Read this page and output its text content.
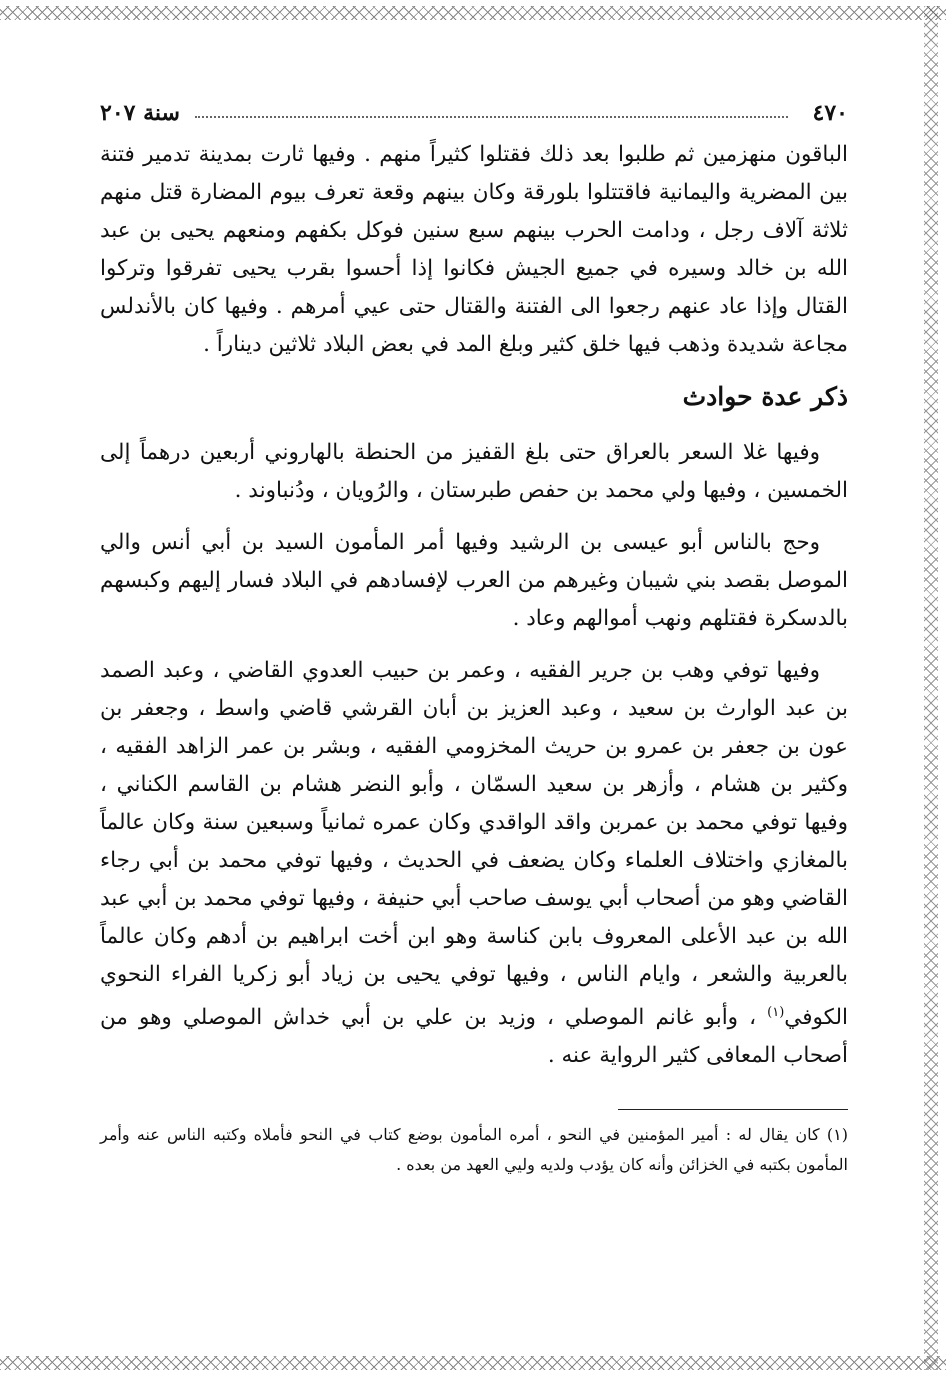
٤٧٠
سنة ٢٠٧

الباقون منهزمين ثم طلبوا بعد ذلك فقتلوا كثيراً منهم . وفيها ثارت بمدينة تدمير فتنة بين المضرية واليمانية فاقتتلوا بلورقة وكان بينهم وقعة تعرف بيوم المضارة قتل منهم ثلاثة آلاف رجل ، ودامت الحرب بينهم سبع سنين فوكل بكفهم ومنعهم يحيى بن عبد الله بن خالد وسيره في جميع الجيش فكانوا إذا أحسوا بقرب يحيى تفرقوا وتركوا القتال وإذا عاد عنهم رجعوا الى الفتنة والقتال حتى عيي أمرهم . وفيها كان بالأندلس مجاعة شديدة وذهب فيها خلق كثير وبلغ المد في بعض البلاد ثلاثين ديناراً .

ذكر عدة حوادث

وفيها غلا السعر بالعراق حتى بلغ القفيز من الحنطة بالهاروني أربعين درهماً إلى الخمسين ، وفيها ولي محمد بن حفص طبرستان ، والرُويان ، ودُنباوند .

وحج بالناس أبو عيسى بن الرشيد وفيها أمر المأمون السيد بن أبي أنس والي الموصل بقصد بني شيبان وغيرهم من العرب لإفسادهم في البلاد فسار إليهم وكبسهم بالدسكرة فقتلهم ونهب أموالهم وعاد .

وفيها توفي وهب بن جرير الفقيه ، وعمر بن حبيب العدوي القاضي ، وعبد الصمد بن عبد الوارث بن سعيد ، وعبد العزيز بن أبان القرشي قاضي واسط ، وجعفر بن عون بن جعفر بن عمرو بن حريث المخزومي الفقيه ، وبشر بن عمر الزاهد الفقيه ، وكثير بن هشام ، وأزهر بن سعيد السمّان ، وأبو النضر هشام بن القاسم الكناني ، وفيها توفي محمد بن عمربن واقد الواقدي وكان عمره ثمانياً وسبعين سنة وكان عالماً بالمغازي واختلاف العلماء وكان يضعف في الحديث ، وفيها توفي محمد بن أبي رجاء القاضي وهو من أصحاب أبي يوسف صاحب أبي حنيفة ، وفيها توفي محمد بن أبي عبد الله بن عبد الأعلى المعروف بابن كناسة وهو ابن أخت ابراهيم بن أدهم وكان عالماً بالعربية والشعر ، وايام الناس ، وفيها توفي يحيى بن زياد أبو زكريا الفراء النحوي الكوفي$^{(١)}$ ، وأبو غانم الموصلي ، وزيد بن علي بن أبي خداش الموصلي وهو من أصحاب المعافى كثير الرواية عنه .

(١) كان يقال له : أمير المؤمنين في النحو ، أمره المأمون بوضع كتاب في النحو فأملاه وكتبه الناس عنه وأمر المأمون بكتبه في الخزائن وأنه كان يؤدب ولديه وليي العهد من بعده .
